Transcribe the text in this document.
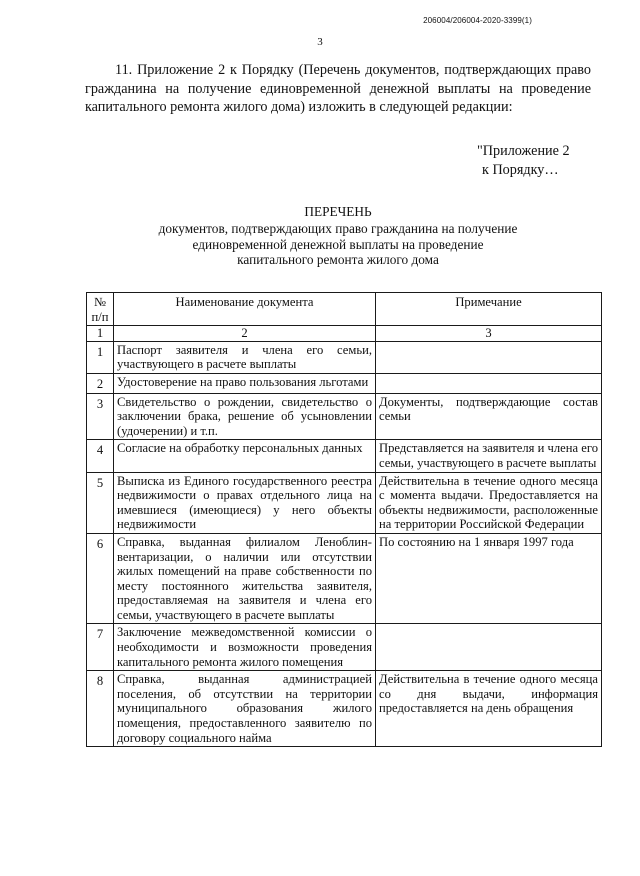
206004/206004-2020-3399(1)
3

11. Приложение 2 к Порядку (Перечень документов, подтверждающих право гражданина на получение единовременной денежной выплаты на проведение капитального ремонта жилого дома) изложить в следующей редакции:

"Приложение 2
к Порядку…
ПЕРЕЧЕНЬ
документов, подтверждающих право гражданина на получение
единовременной денежной выплаты на проведение
капитального ремонта жилого дома
№
п/п	Наименование документа	Примечание
1	2	3
1	Паспорт заявителя и члена его семьи, участвующего в расчете выплаты	
2	Удостоверение на право пользования льготами	
3	Свидетельство о рождении, свидетельство о заключении брака, решение об усыновлении (удочерении) и т.п.	Документы, подтверждающие состав семьи
4	Согласие на обработку персональных данных	Представляется на заявителя и члена его семьи, участвующего в расчете выплаты
5	Выписка из Единого государственного реестра недвижимости о правах отдельного лица на имевшиеся (имеющиеся) у него объекты недвижимости	Действительна в течение одного месяца с момента выдачи. Предоставляется на объекты недвижимости, расположенные на территории Российской Федерации
6	Справка, выданная филиалом Ленoблинвентаризации, о наличии или отсутствии жилых помещений на праве собственности по месту постоянного жительства заявителя, предоставляемая на заявителя и члена его семьи, участвующего в расчете выплаты	По состоянию на 1 января 1997 года
7	Заключение межведомственной комиссии о необходимости и возможности проведения капитального ремонта жилого помещения	
8	Справка, выданная администрацией поселения, об отсутствии на территории муниципального образования жилого помещения, предоставленного заявителю по договору социального найма	Действительна в течение одного месяца со дня выдачи, информация предоставляется на день обращения
